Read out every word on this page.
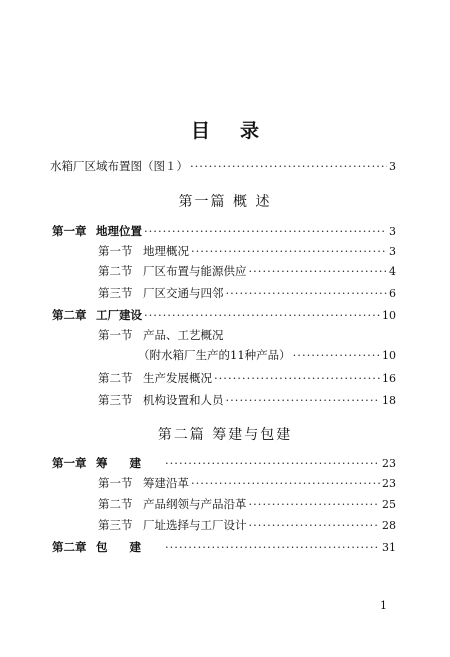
目录
水箱厂区域布置图（图１） ·····	3
第一篇 概 述
第一章 地理位置 ·····	3
第一节 地理概况 ·····	3
第二节 厂区布置与能源供应 ·····	4
第三节 厂区交通与四邻 ·····	6
第二章 工厂建设 ·····	10
第一节 产品、工艺概况
（附水箱厂生产的11种产品） ·····	10
第二节 生产发展概况 ·····	16
第三节 机构设置和人员 ·····	18
第二篇 筹建与包建
第一章 筹建 ·····	23
第一节 筹建沿革 ·····	23
第二节 产品纲领与产品沿革 ·····	25
第三节 厂址选择与工厂设计 ·····	28
第二章 包建 ·····	31
1
